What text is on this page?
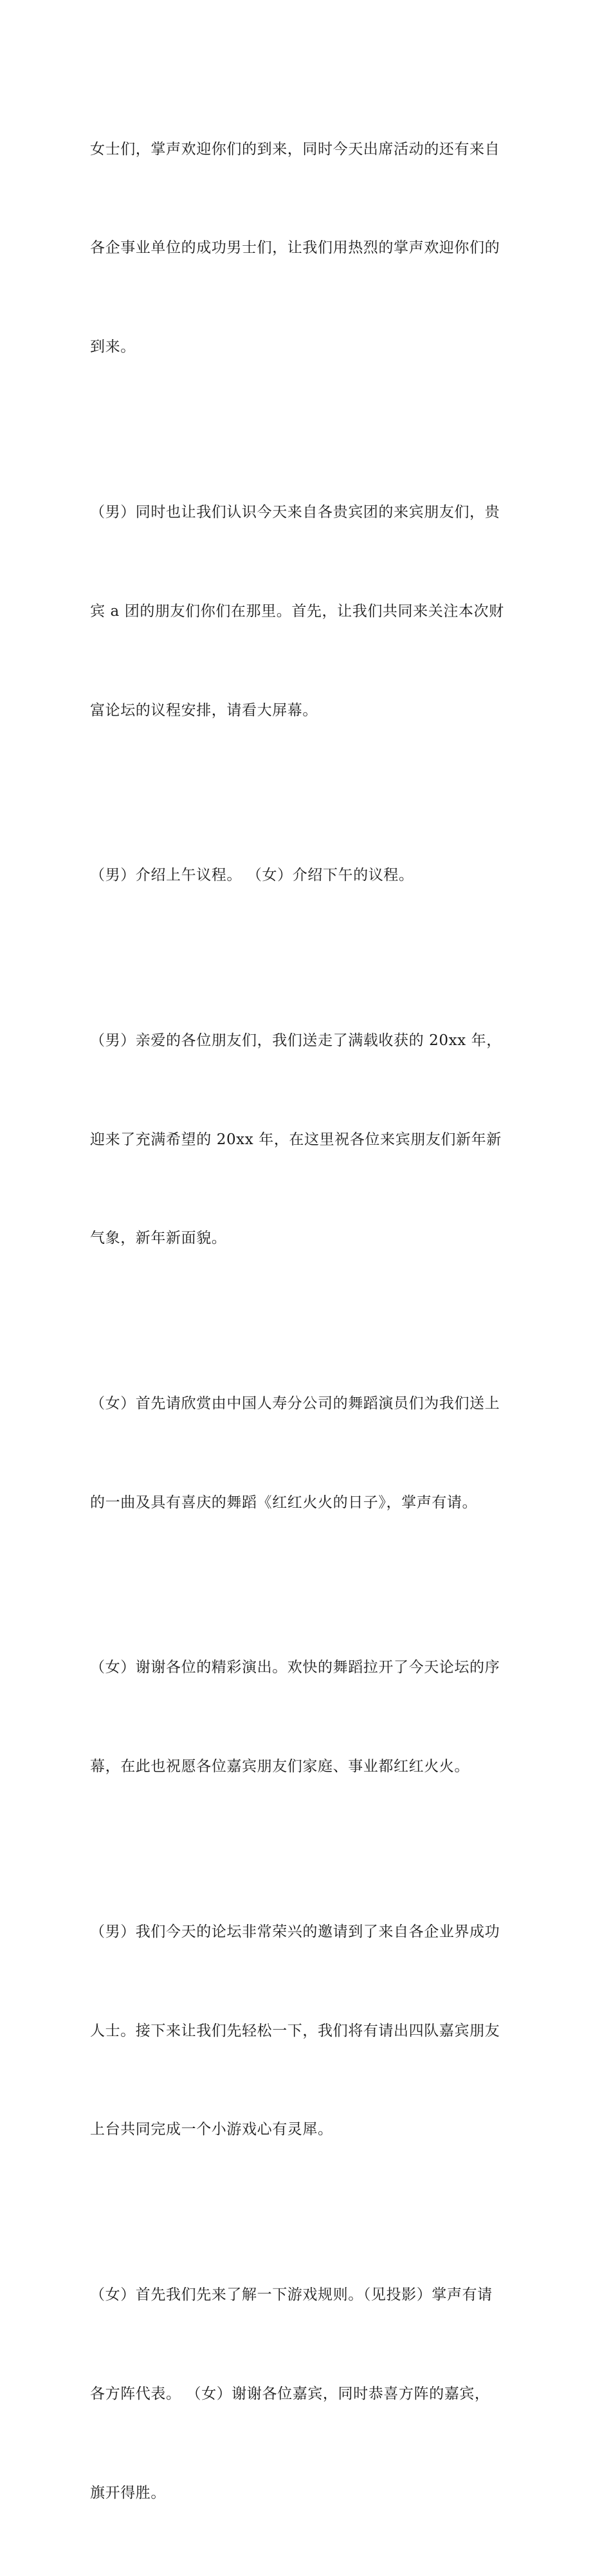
女士们，掌声欢迎你们的到来，同时今天出席活动的还有来自

各企事业单位的成功男士们，让我们用热烈的掌声欢迎你们的

到来。

（男）同时也让我们认识今天来自各贵宾团的来宾朋友们，贵

宾 a 团的朋友们你们在那里。首先，让我们共同来关注本次财

富论坛的议程安排，请看大屏幕。

（男）介绍上午议程。 （女）介绍下午的议程。

（男）亲爱的各位朋友们，我们送走了满载收获的 20xx 年，

迎来了充满希望的 20xx 年，在这里祝各位来宾朋友们新年新

气象，新年新面貌。

（女）首先请欣赏由中国人寿分公司的舞蹈演员们为我们送上

的一曲及具有喜庆的舞蹈《红红火火的日子》，掌声有请。

（女）谢谢各位的精彩演出。欢快的舞蹈拉开了今天论坛的序

幕，在此也祝愿各位嘉宾朋友们家庭、事业都红红火火。

（男）我们今天的论坛非常荣兴的邀请到了来自各企业界成功

人士。接下来让我们先轻松一下，我们将有请出四队嘉宾朋友

上台共同完成一个小游戏心有灵犀。

（女）首先我们先来了解一下游戏规则。（见投影）掌声有请

各方阵代表。 （女）谢谢各位嘉宾，同时恭喜方阵的嘉宾，

旗开得胜。
